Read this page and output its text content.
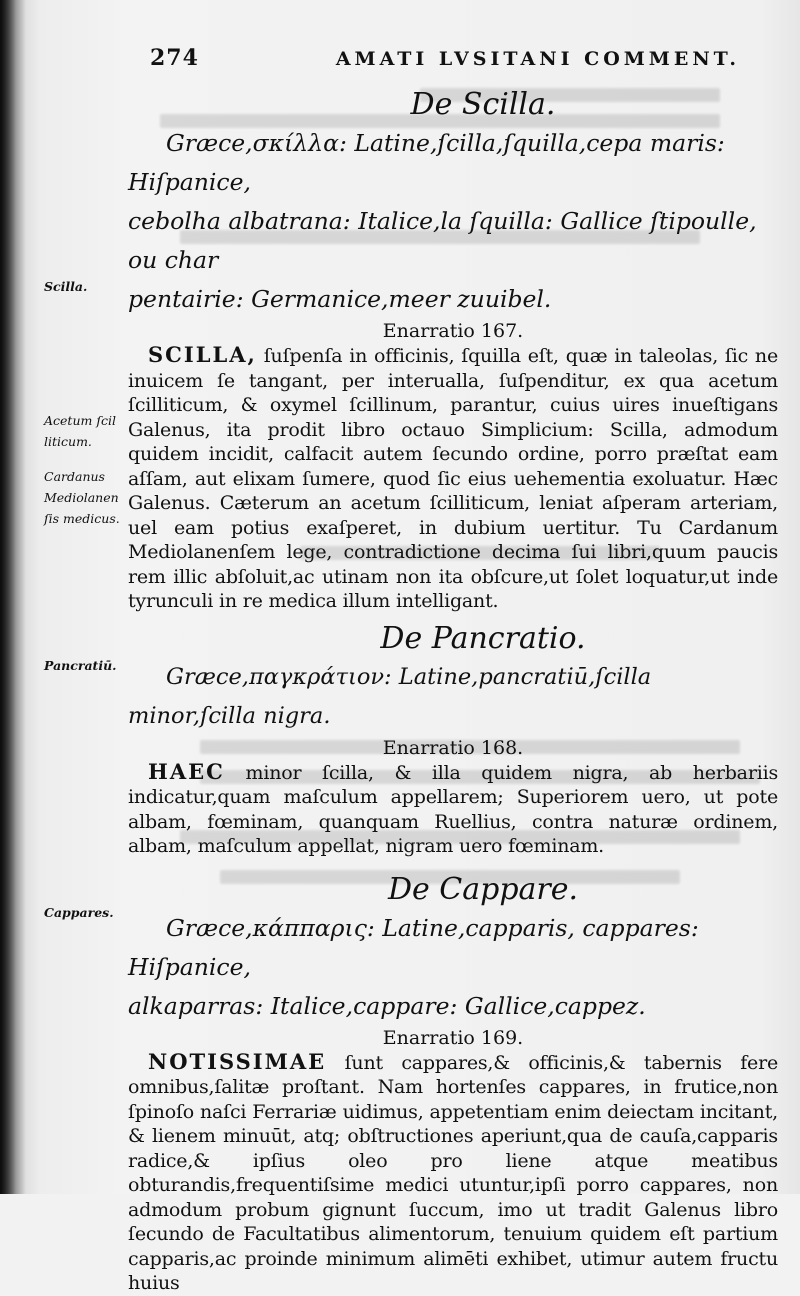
274	AMATI LVSITANI COMMENT.
Scilla.
Acetum ſcil liticum.
Cardanus Mediolanen ſis medicus.
Pancratiū.
Cappares.
De Scilla.
Græce,σκίλλα: Latine,ſcilla,ſquilla,cepa maris: Hiſpanice,
cebolha albatrana: Italice,la ſquilla: Gallice ſtipoulle, ou char
pentairie: Germanice,meer zuuibel.
Enarratio 167.

SCILLA, ſuſpenſa in officinis, ſquilla eſt, quæ in taleolas, ſic ne inuicem ſe tangant, per interualla, ſuſpenditur, ex qua acetum ſcilliticum, & oxymel ſcillinum, parantur, cuius uires inueſtigans Galenus, ita prodit libro octauo Simplicium: Scilla, admodum quidem incidit, calfacit autem ſecundo ordine, porro præſtat eam aſſam, aut elixam ſumere, quod ſic eius uehementia exoluatur. Hæc Galenus. Cæterum an acetum ſcilliticum, leniat aſperam arteriam, uel eam potius exaſperet, in dubium uertitur. Tu Cardanum Mediolanenſem lege, contradictione decima ſui libri,quum paucis rem illic abſoluit,ac utinam non ita obſcure,ut ſolet loquatur,ut inde tyrunculi in re medica illum intelligant.

De Pancratio.
Græce,παγκράτιον: Latine,pancratiū,ſcilla minor,ſcilla nigra.
Enarratio 168.

HAEC minor ſcilla, & illa quidem nigra, ab herbariis indicatur,quam maſculum appellarem; Superiorem uero, ut pote albam, fœminam, quanquam Ruellius, contra naturæ ordinem, albam, maſculum appellat, nigram uero fœminam.

De Cappare.
Græce,κάππαρις: Latine,capparis, cappares: Hiſpanice,
alkaparras: Italice,cappare: Gallice,cappez.
Enarratio 169.

NOTISSIMAE ſunt cappares,& officinis,& tabernis fere omnibus,ſalitæ proſtant. Nam hortenſes cappares, in frutice,non ſpinoſo naſci Ferrariæ uidimus, appetentiam enim deiectam incitant, & lienem minuūt, atq; obſtructiones aperiunt,qua de cauſa,capparis radice,& ipſius oleo pro liene atque meatibus obturandis,frequentiſsime medici utuntur,ipſi porro cappares, non admodum probum gignunt ſuccum, imo ut tradit Galenus libro ſecundo de Facultatibus alimentorum, tenuium quidem eſt partium capparis,ac proinde minimum alimēti exhibet, utimur autem fructu huius
